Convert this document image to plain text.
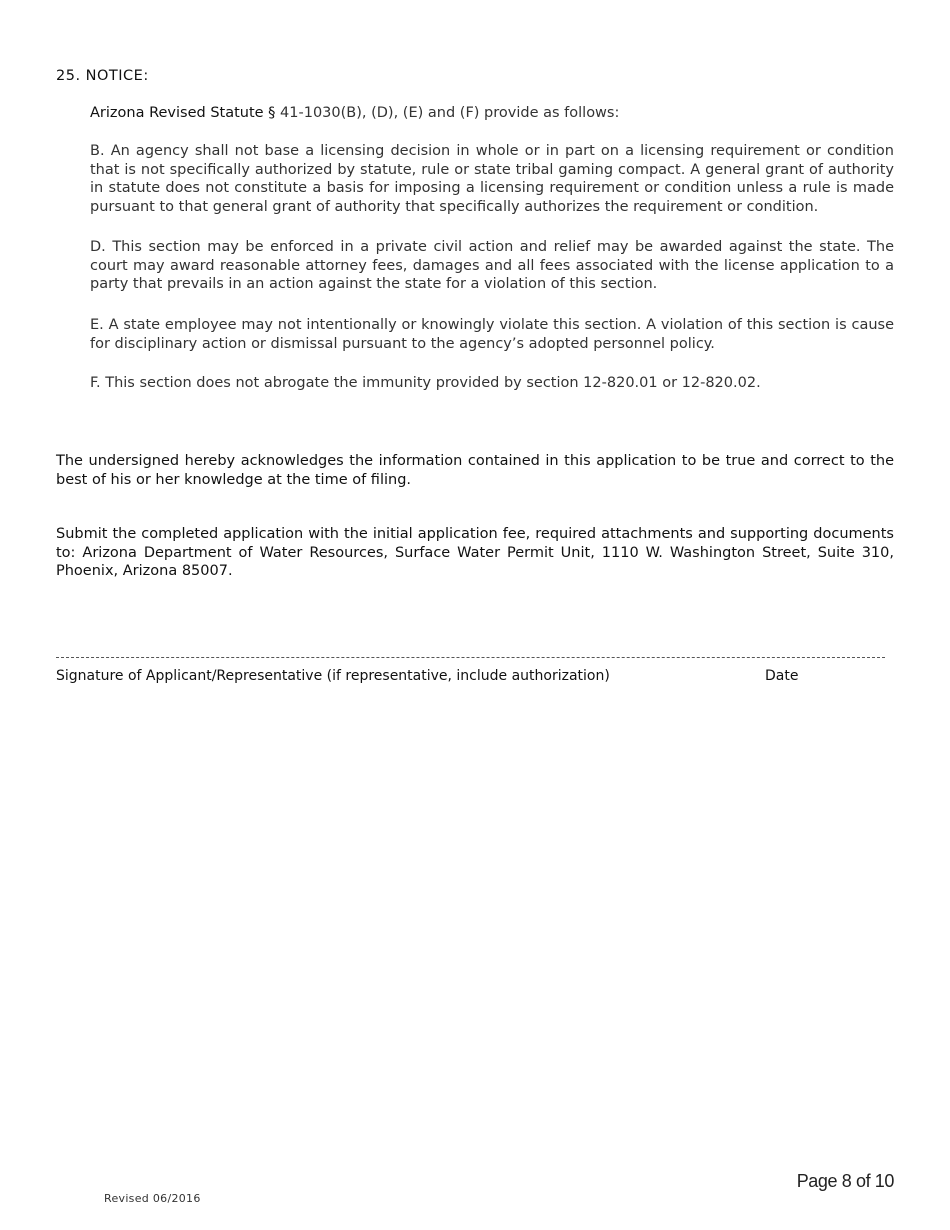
25. NOTICE:
Arizona Revised Statute § 41-1030(B), (D), (E) and (F) provide as follows:
B. An agency shall not base a licensing decision in whole or in part on a licensing requirement or condition that is not specifically authorized by statute, rule or state tribal gaming compact. A general grant of authority in statute does not constitute a basis for imposing a licensing requirement or condition unless a rule is made pursuant to that general grant of authority that specifically authorizes the requirement or condition.
D. This section may be enforced in a private civil action and relief may be awarded against the state. The court may award reasonable attorney fees, damages and all fees associated with the license application to a party that prevails in an action against the state for a violation of this section.
E. A state employee may not intentionally or knowingly violate this section. A violation of this section is cause for disciplinary action or dismissal pursuant to the agency’s adopted personnel policy.
F. This section does not abrogate the immunity provided by section 12-820.01 or 12-820.02.
The undersigned hereby acknowledges the information contained in this application to be true and correct to the best of his or her knowledge at the time of filing.
Submit the completed application with the initial application fee, required attachments and supporting documents to: Arizona Department of Water Resources, Surface Water Permit Unit, 1110 W. Washington Street, Suite 310, Phoenix, Arizona 85007.
Signature of Applicant/Representative (if representative, include authorization)	Date
Page 8 of 10
Revised 06/2016
